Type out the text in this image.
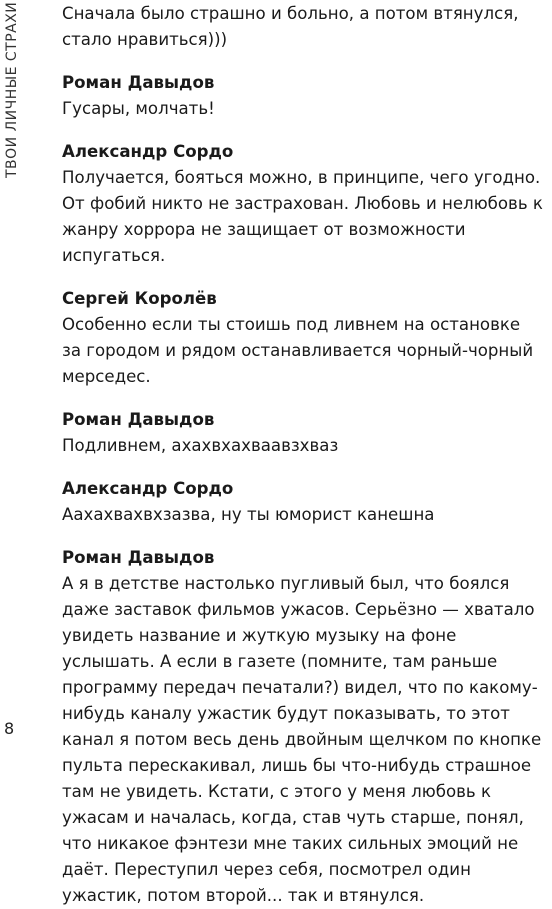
ТВОИ ЛИЧНЫЕ СТРАХИ
8

Сначала было страшно и больно, а потом втянулся, стало нравиться)))

Роман Давыдов

Гусары, молчать!

Александр Сордо

Получается, бояться можно, в принципе, чего угодно. От фобий никто не застрахован. Любовь и нелюбовь к жанру хоррора не защищает от возможности испугаться.

Сергей Королёв

Особенно если ты стоишь под ливнем на остановке за городом и рядом останавливается чорный-чорный мерседес.

Роман Давыдов

Подливнем, ахахвхахваавзхваз

Александр Сордо

Аахахвахвхзазва, ну ты юморист канешна

Роман Давыдов

А я в детстве настолько пугливый был, что боялся даже заставок фильмов ужасов. Серьёзно — хватало увидеть название и жуткую музыку на фоне услышать. А если в газете (помните, там раньше программу передач печатали?) видел, что по какому-нибудь каналу ужастик будут показывать, то этот канал я потом весь день двойным щелчком по кнопке пульта перескакивал, лишь бы что-нибудь страшное там не увидеть. Кстати, с этого у меня любовь к ужасам и началась, когда, став чуть старше, понял, что никакое фэнтези мне таких сильных эмоций не даёт. Переступил через себя, посмотрел один ужастик, потом второй... так и втянулся.
